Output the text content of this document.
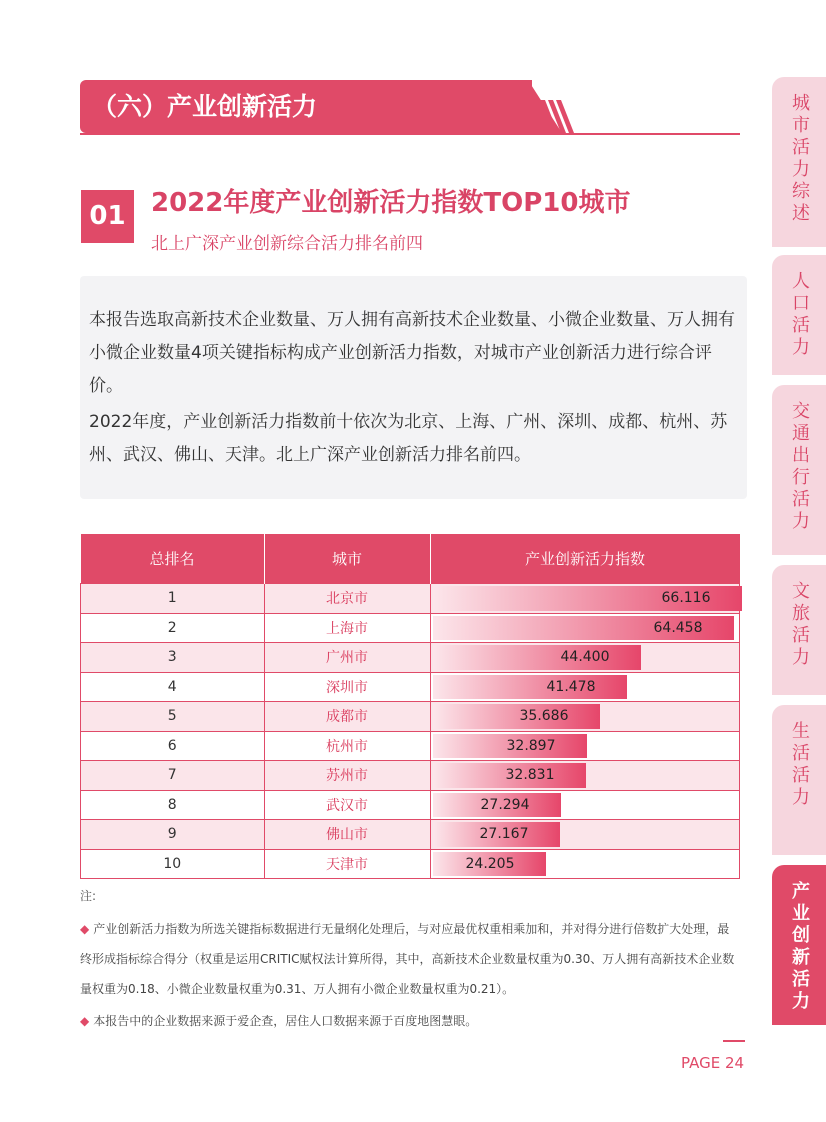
（六）产业创新活力
01 2022年度产业创新活力指数TOP10城市
北上广深产业创新综合活力排名前四

本报告选取高新技术企业数量、万人拥有高新技术企业数量、小微企业数量、万人拥有小微企业数量4项关键指标构成产业创新活力指数，对城市产业创新活力进行综合评价。

2022年度，产业创新活力指数前十依次为北京、上海、广州、深圳、成都、杭州、苏州、武汉、佛山、天津。北上广深产业创新活力排名前四。

总排名	城市	产业创新活力指数
1	北京市	66.116

2	上海市	64.458

3	广州市	44.400

4	深圳市	41.478

5	成都市	35.686

6	杭州市	32.897

7	苏州市	32.831

8	武汉市	27.294

9	佛山市	27.167

10	天津市	24.205
注:
◆ 产业创新活力指数为所选关键指标数据进行无量纲化处理后，与对应最优权重相乘加和，并对得分进行倍数扩大处理，最终形成指标综合得分（权重是运用CRITIC赋权法计算所得，其中，高新技术企业数量权重为0.30、万人拥有高新技术企业数量权重为0.18、小微企业数量权重为0.31、万人拥有小微企业数量权重为0.21）。
◆ 本报告中的企业数据来源于爱企查，居住人口数据来源于百度地图慧眼。
PAGE 24
城市活力综述
人口活力
交通出行活力
文旅活力
生活活力
产业创新活力
